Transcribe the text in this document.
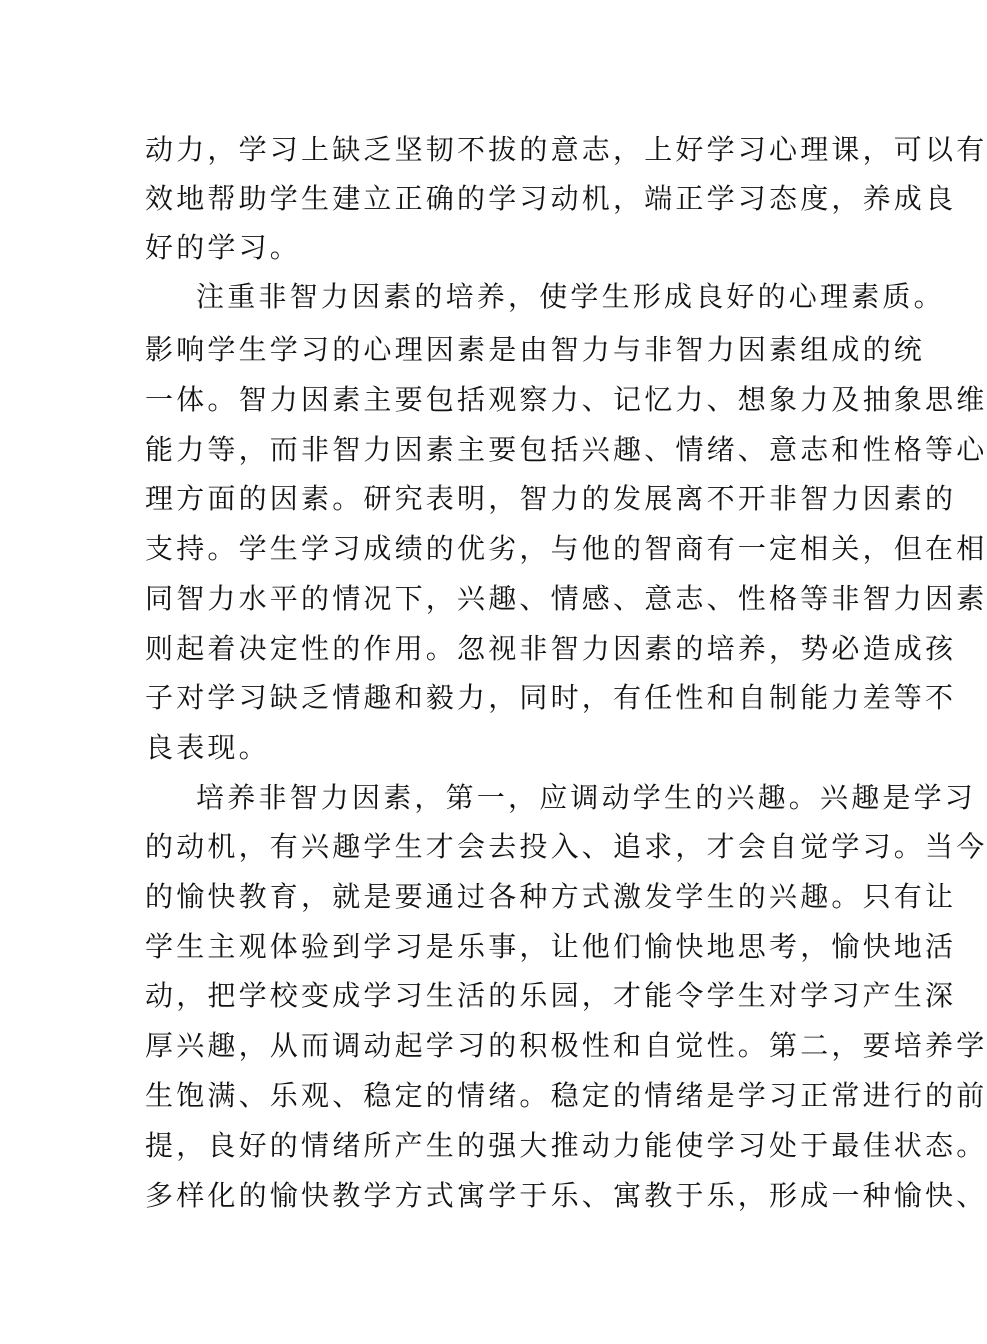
动力，学习上缺乏坚韧不拔的意志，上好学习心理课，可以有
效地帮助学生建立正确的学习动机，端正学习态度，养成良
好的学习。
注重非智力因素的培养，使学生形成良好的心理素质。
影响学生学习的心理因素是由智力与非智力因素组成的统
一体。智力因素主要包括观察力、记忆力、想象力及抽象思维
能力等，而非智力因素主要包括兴趣、情绪、意志和性格等心
理方面的因素。研究表明，智力的发展离不开非智力因素的
支持。学生学习成绩的优劣，与他的智商有一定相关，但在相
同智力水平的情况下，兴趣、情感、意志、性格等非智力因素
则起着决定性的作用。忽视非智力因素的培养，势必造成孩
子对学习缺乏情趣和毅力，同时，有任性和自制能力差等不
良表现。
培养非智力因素，第一，应调动学生的兴趣。兴趣是学习
的动机，有兴趣学生才会去投入、追求，才会自觉学习。当今
的愉快教育，就是要通过各种方式激发学生的兴趣。只有让
学生主观体验到学习是乐事，让他们愉快地思考，愉快地活
动，把学校变成学习生活的乐园，才能令学生对学习产生深
厚兴趣，从而调动起学习的积极性和自觉性。第二，要培养学
生饱满、乐观、稳定的情绪。稳定的情绪是学习正常进行的前
提，良好的情绪所产生的强大推动力能使学习处于最佳状态。
多样化的愉快教学方式寓学于乐、寓教于乐，形成一种愉快、
